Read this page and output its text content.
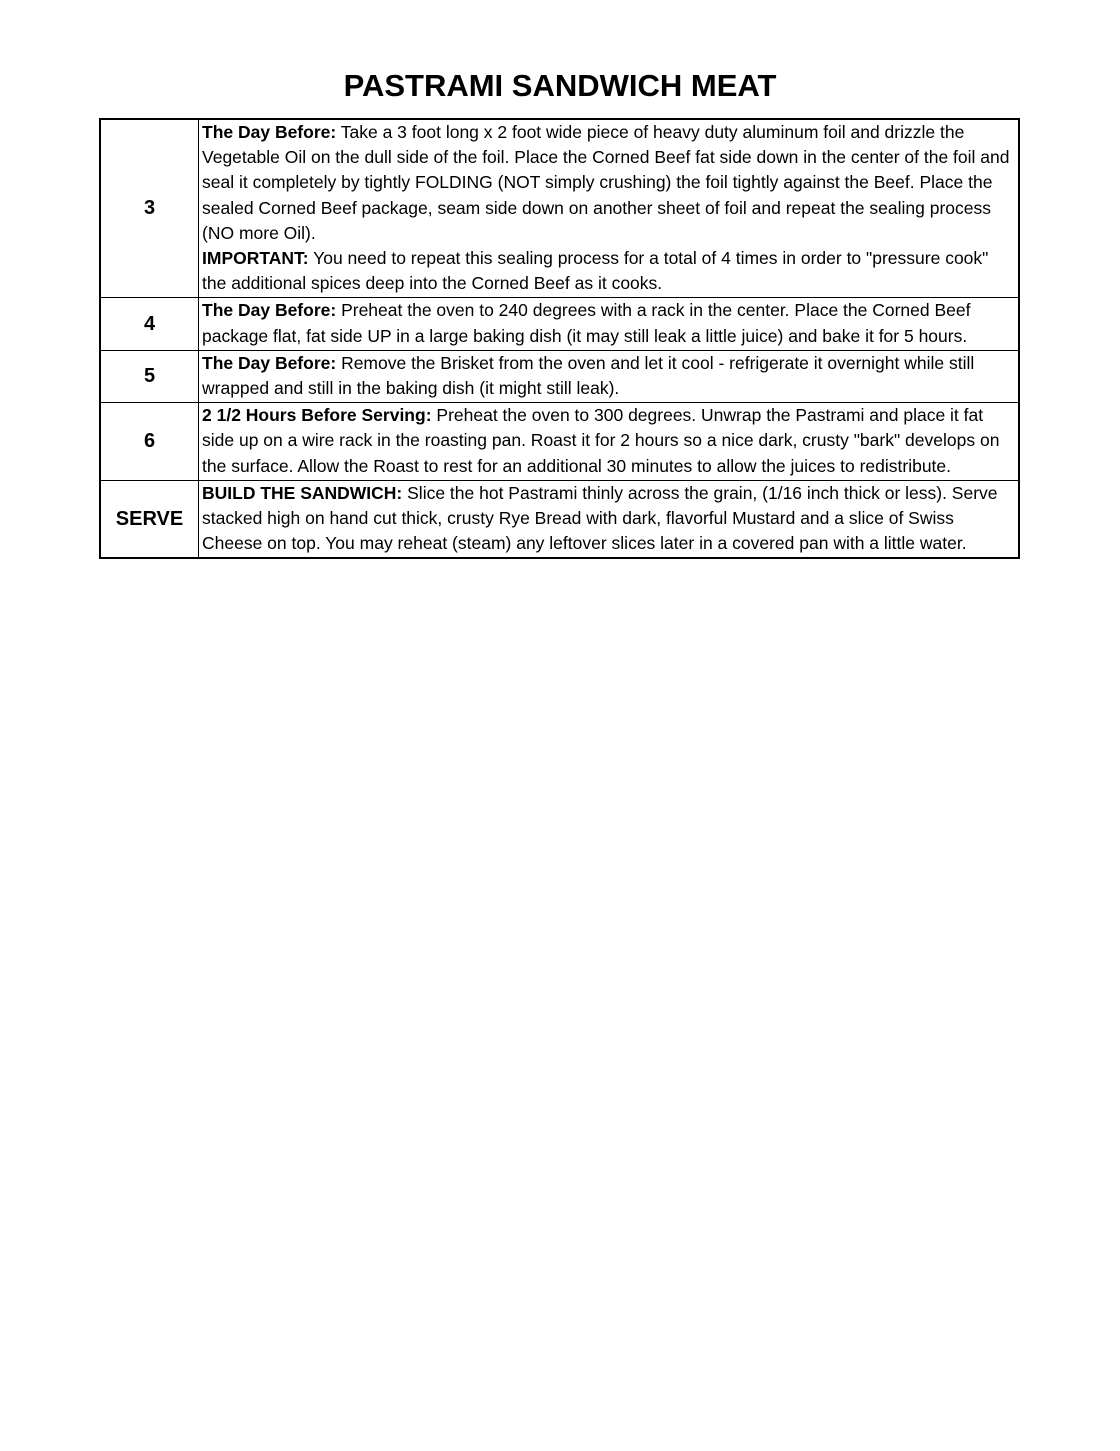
PASTRAMI SANDWICH MEAT
3	The Day Before: Take a 3 foot long x 2 foot wide piece of heavy duty aluminum foil and drizzle the Vegetable Oil on the dull side of the foil. Place the Corned Beef fat side down in the center of the foil and seal it completely by tightly FOLDING (NOT simply crushing) the foil tightly against the Beef. Place the sealed Corned Beef package, seam side down on another sheet of foil and repeat the sealing process (NO more Oil).
IMPORTANT: You need to repeat this sealing process for a total of 4 times in order to "pressure cook" the additional spices deep into the Corned Beef as it cooks.

4	The Day Before: Preheat the oven to 240 degrees with a rack in the center. Place the Corned Beef package flat, fat side UP in a large baking dish (it may still leak a little juice) and bake it for 5 hours.

5	The Day Before: Remove the Brisket from the oven and let it cool - refrigerate it overnight while still wrapped and still in the baking dish (it might still leak).

6	2 1/2 Hours Before Serving: Preheat the oven to 300 degrees. Unwrap the Pastrami and place it fat side up on a wire rack in the roasting pan. Roast it for 2 hours so a nice dark, crusty "bark" develops on the surface. Allow the Roast to rest for an additional 30 minutes to allow the juices to redistribute.

SERVE	BUILD THE SANDWICH: Slice the hot Pastrami thinly across the grain, (1/16 inch thick or less). Serve stacked high on hand cut thick, crusty Rye Bread with dark, flavorful Mustard and a slice of Swiss Cheese on top. You may reheat (steam) any leftover slices later in a covered pan with a little water.
